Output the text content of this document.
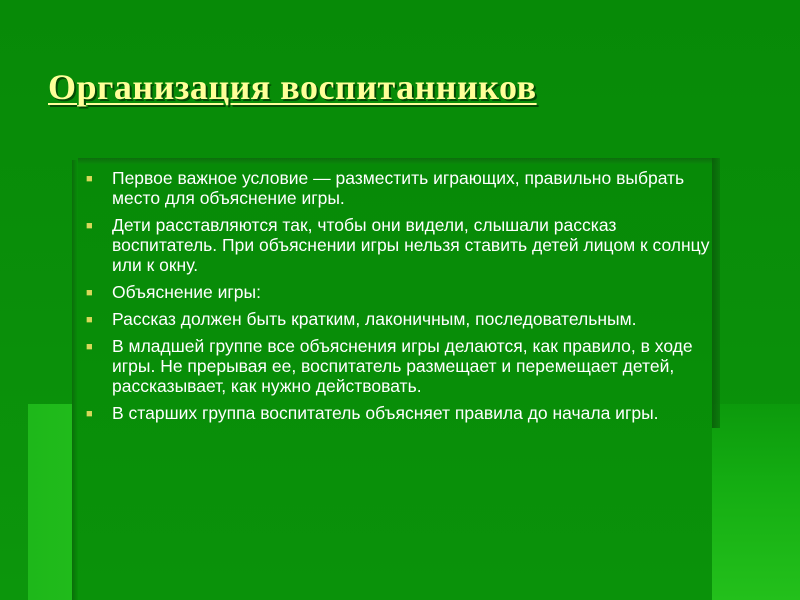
Организация воспитанников
■ Первое важное условие — разместить играющих, правильно выбрать место для объяснение игры.
■ Дети расставляются так, чтобы они видели, слышали рассказ воспитатель. При объяснении игры нельзя ставить детей лицом к солнцу или к окну.
■ Объяснение игры:
■ Рассказ должен быть кратким, лаконичным, последовательным.
■ В младшей группе все объяснения игры делаются, как правило, в ходе игры. Не прерывая ее, воспитатель размещает и перемещает детей, рассказывает, как нужно действовать.
■ В старших группа воспитатель объясняет правила до начала игры.
